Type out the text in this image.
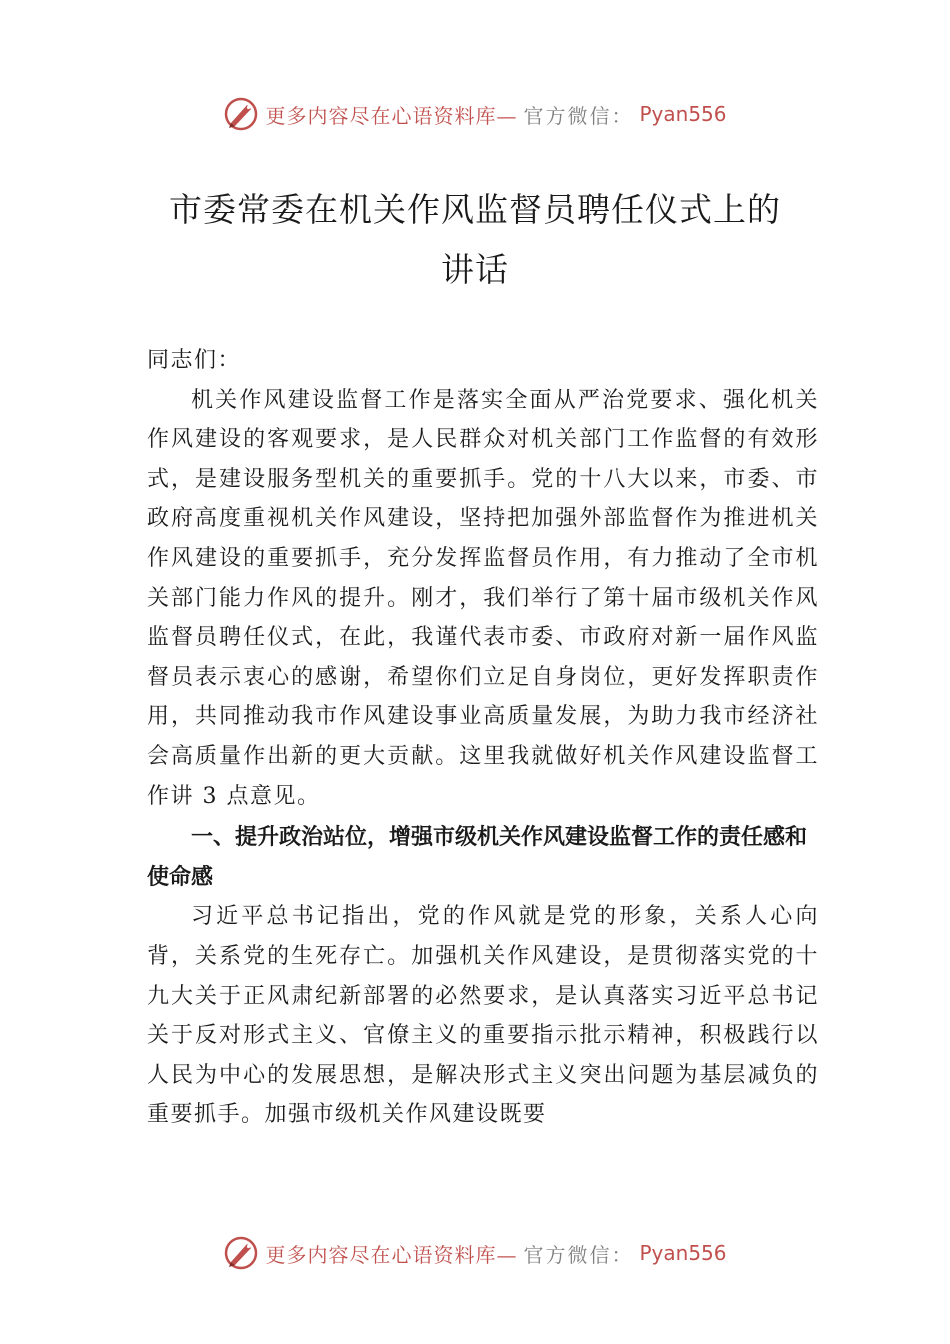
更多内容尽在心语资料库— 官方微信： Pyan556
市委常委在机关作风监督员聘任仪式上的
讲话

同志们：

机关作风建设监督工作是落实全面从严治党要求、强化机关作风建设的客观要求，是人民群众对机关部门工作监督的有效形式，是建设服务型机关的重要抓手。党的十八大以来，市委、市政府高度重视机关作风建设，坚持把加强外部监督作为推进机关作风建设的重要抓手，充分发挥监督员作用，有力推动了全市机关部门能力作风的提升。刚才，我们举行了第十届市级机关作风监督员聘任仪式，在此，我谨代表市委、市政府对新一届作风监督员表示衷心的感谢，希望你们立足自身岗位，更好发挥职责作用，共同推动我市作风建设事业高质量发展，为助力我市经济社会高质量作出新的更大贡献。这里我就做好机关作风建设监督工作讲 3 点意见。

一、提升政治站位，增强市级机关作风建设监督工作的责任感和使命感

习近平总书记指出，党的作风就是党的形象，关系人心向背，关系党的生死存亡。加强机关作风建设，是贯彻落实党的十九大关于正风肃纪新部署的必然要求，是认真落实习近平总书记关于反对形式主义、官僚主义的重要指示批示精神，积极践行以人民为中心的发展思想，是解决形式主义突出问题为基层减负的重要抓手。加强市级机关作风建设既要

更多内容尽在心语资料库— 官方微信： Pyan556
